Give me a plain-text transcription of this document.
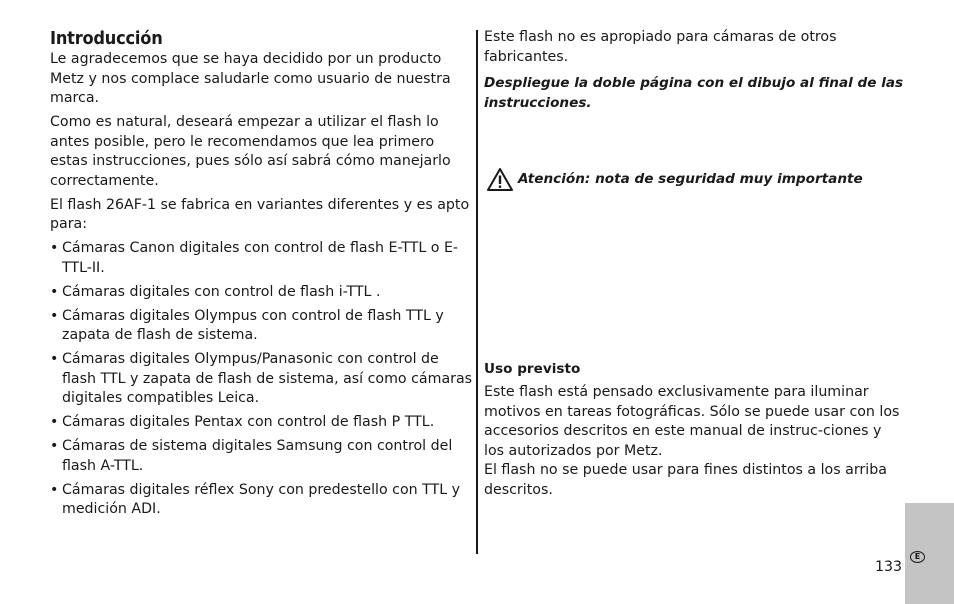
Introducción

Le agradecemos que se haya decidido por un producto Metz y nos complace saludarle como usuario de nuestra marca.

Como es natural, deseará empezar a utilizar el flash lo antes posible, pero le recomendamos que lea primero estas instrucciones, pues sólo así sabrá cómo manejarlo correctamente.

El flash 26AF-1 se fabrica en variantes diferentes y es apto para:

• Cámaras Canon digitales con control de flash E-TTL o E-TTL-II.
• Cámaras digitales con control de flash i-TTL .
• Cámaras digitales Olympus con control de flash TTL y zapata de flash de sistema.
• Cámaras digitales Olympus/Panasonic con control de flash TTL y zapata de flash de sistema, así como cámaras digitales compatibles Leica.
• Cámaras digitales Pentax con control de flash P TTL.
• Cámaras de sistema digitales Samsung con control del flash A-TTL.
• Cámaras digitales réflex Sony con predestello con TTL y medición ADI.

Este flash no es apropiado para cámaras de otros fabricantes.

Despliegue la doble página con el dibujo al final de las instrucciones.

Atención: nota de seguridad muy importante
Uso previsto

Este flash está pensado exclusivamente para iluminar motivos en tareas fotográficas. Sólo se puede usar con los accesorios descritos en este manual de instruc-ciones y los autorizados por Metz.

El flash no se puede usar para fines distintos a los arriba descritos.

133
E
